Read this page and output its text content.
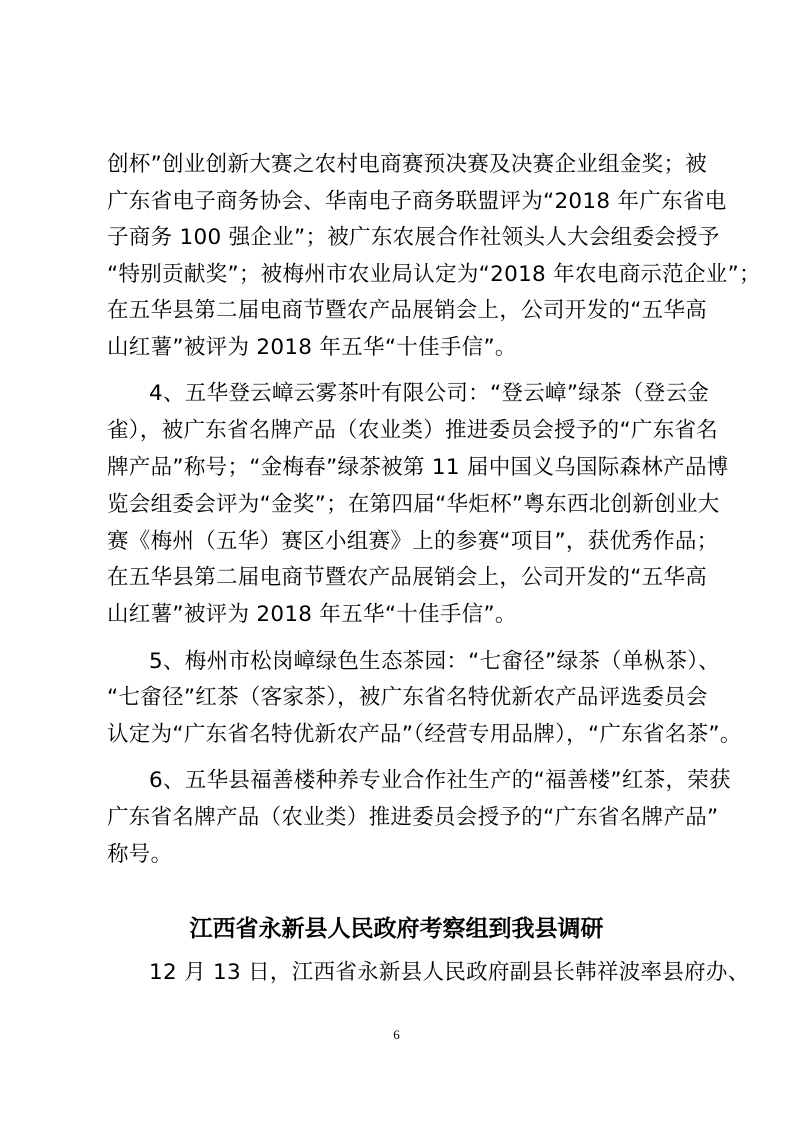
创杯”创业创新大赛之农村电商赛预决赛及决赛企业组金奖；被
广东省电子商务协会、华南电子商务联盟评为“2018 年广东省电
子商务 100 强企业”；被广东农展合作社领头人大会组委会授予
“特别贡献奖”；被梅州市农业局认定为“2018 年农电商示范企业”；
在五华县第二届电商节暨农产品展销会上，公司开发的“五华高
山红薯”被评为 2018 年五华“十佳手信”。
4、五华登云嶂云雾茶叶有限公司：“登云嶂”绿茶（登云金
雀），被广东省名牌产品（农业类）推进委员会授予的“广东省名
牌产品”称号；“金梅春”绿茶被第 11 届中国义乌国际森林产品博
览会组委会评为“金奖”；在第四届“华炬杯”粤东西北创新创业大
赛《梅州（五华）赛区小组赛》上的参赛“项目”，获优秀作品；
在五华县第二届电商节暨农产品展销会上，公司开发的“五华高
山红薯”被评为 2018 年五华“十佳手信”。
5、梅州市松岗嶂绿色生态茶园：“七畲径”绿茶（单枞茶）、
“七畲径”红茶（客家茶），被广东省名特优新农产品评选委员会
认定为“广东省名特优新农产品”（经营专用品牌），“广东省名茶”。
6、五华县福善楼种养专业合作社生产的“福善楼”红茶，荣获
广东省名牌产品（农业类）推进委员会授予的“广东省名牌产品”
称号。
江西省永新县人民政府考察组到我县调研
12 月 13 日，江西省永新县人民政府副县长韩祥波率县府办、
6
